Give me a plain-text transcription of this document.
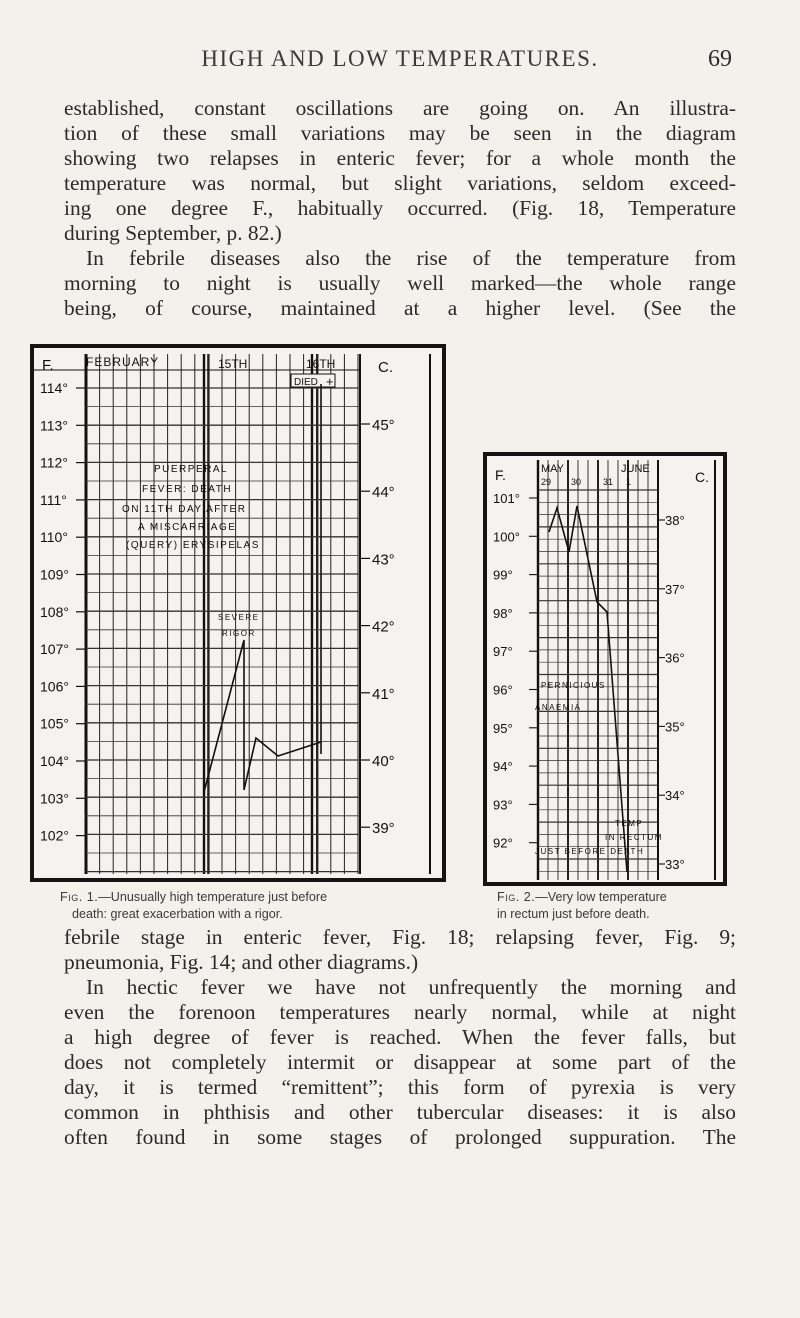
HIGH AND LOW TEMPERATURES.	69
established, constant oscillations are going on. An illustra-
tion of these small variations may be seen in the diagram
showing two relapses in enteric fever; for a whole month the
temperature was normal, but slight variations, seldom exceed-
ing one degree F., habitually occurred. (Fig. 18, Temperature
during September, p. 82.)
In febrile diseases also the rise of the temperature from
morning to night is usually well marked—the whole range
being, of course, maintained at a higher level. (See the
F.	C.
FEBRUARY	15TH	16TH
DIED +
114°
113°
112°
111°
110°
109°
108°
107°
106°
105°
104°
103°
102°
45°
44°
43°
42°
41°
40°
39°
PUERPERAL
FEVER: DEATH
ON 11TH DAY AFTER
A MISCARRIAGE
(QUERY) ERYSIPELAS
SEVERE
RIGOR
Fig. 1.—Unusually high temperature just before
death: great exacerbation with a rigor.
F.	C.
MAY	JUNE
29 30 31 1
101°
100°
99°
98°
97°
96°
95°
94°
93°
92°
38°
37°
36°
35°
34°
33°
PERNICIOUS
ANAEMIA
TEMP
IN RECTUM
JUST BEFORE DEATH
Fig. 2.—Very low temperature
in rectum just before death.
febrile stage in enteric fever, Fig. 18; relapsing fever, Fig. 9;
pneumonia, Fig. 14; and other diagrams.)
In hectic fever we have not unfrequently the morning and
even the forenoon temperatures nearly normal, while at night
a high degree of fever is reached. When the fever falls, but
does not completely intermit or disappear at some part of the
day, it is termed “remittent”; this form of pyrexia is very
common in phthisis and other tubercular diseases: it is also
often found in some stages of prolonged suppuration. The
